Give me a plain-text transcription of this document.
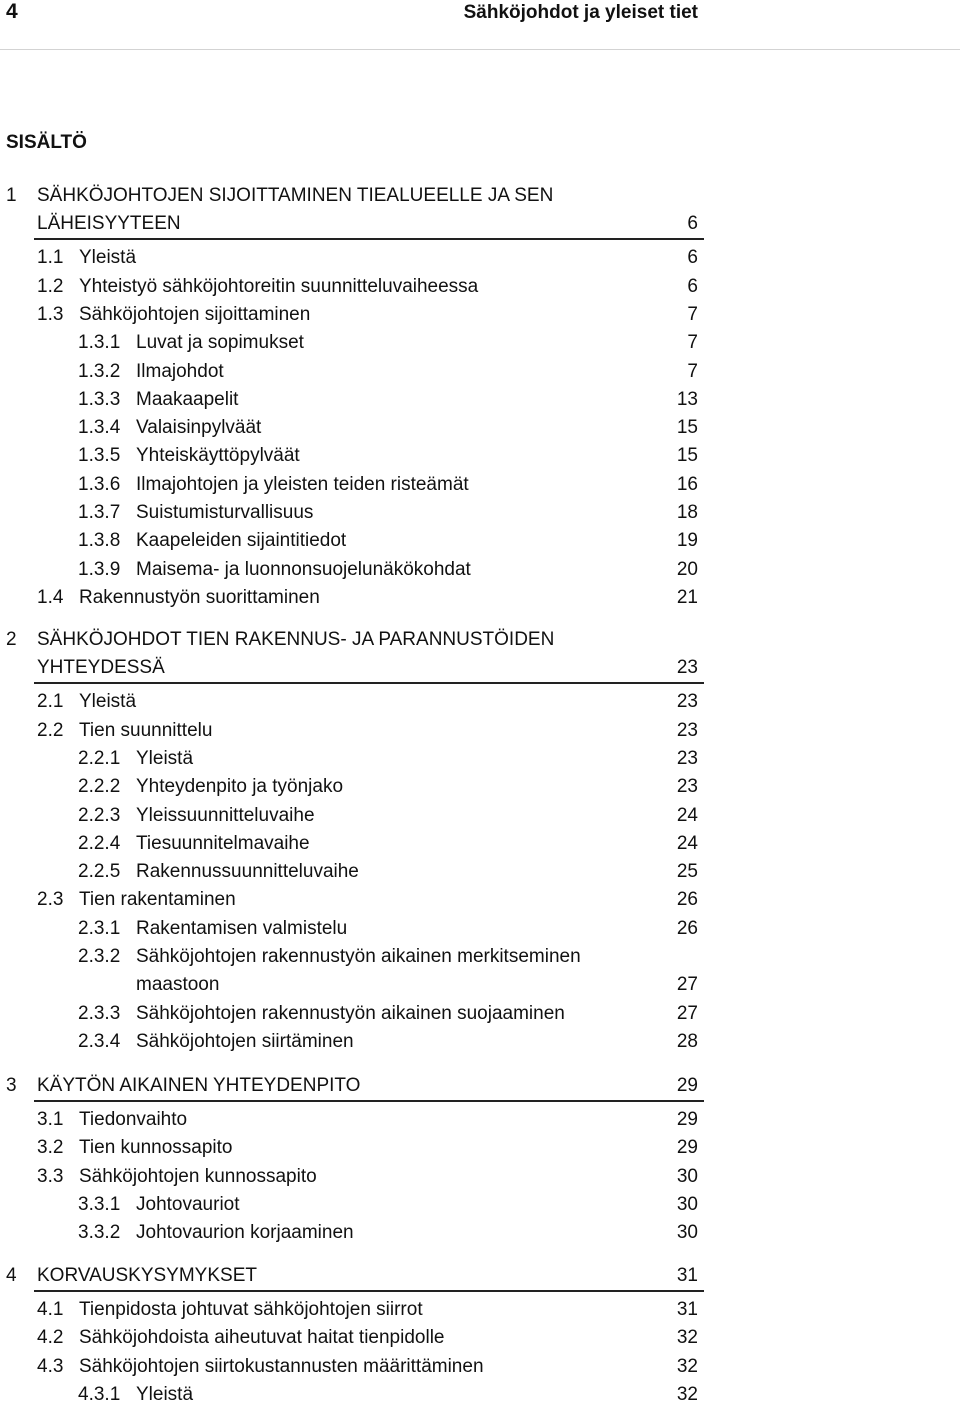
4	Sähköjohdot ja yleiset tiet
SISÄLTÖ
1 SÄHKÖJOHTOJEN SIJOITTAMINEN TIEALUEELLE JA SEN
LÄHEISYYTEEN	6
1.1 Yleistä	6
1.2 Yhteistyö sähköjohtoreitin suunnitteluvaiheessa	6
1.3 Sähköjohtojen sijoittaminen	7
1.3.1 Luvat ja sopimukset	7
1.3.2 Ilmajohdot	7
1.3.3 Maakaapelit	13
1.3.4 Valaisinpylväät	15
1.3.5 Yhteiskäyttöpylväät	15
1.3.6 Ilmajohtojen ja yleisten teiden risteämät	16
1.3.7 Suistumisturvallisuus	18
1.3.8 Kaapeleiden sijaintitiedot	19
1.3.9 Maisema- ja luonnonsuojelunäkökohdat	20
1.4 Rakennustyön suorittaminen	21
2 SÄHKÖJOHDOT TIEN RAKENNUS- JA PARANNUSTÖIDEN
YHTEYDESSÄ	23
2.1 Yleistä	23
2.2 Tien suunnittelu	23
2.2.1 Yleistä	23
2.2.2 Yhteydenpito ja työnjako	23
2.2.3 Yleissuunnitteluvaihe	24
2.2.4 Tiesuunnitelmavaihe	24
2.2.5 Rakennussuunnitteluvaihe	25
2.3 Tien rakentaminen	26
2.3.1 Rakentamisen valmistelu	26
2.3.2 Sähköjohtojen rakennustyön aikainen merkitseminen
maastoon	27
2.3.3 Sähköjohtojen rakennustyön aikainen suojaaminen	27
2.3.4 Sähköjohtojen siirtäminen	28
3 KÄYTÖN AIKAINEN YHTEYDENPITO	29
3.1 Tiedonvaihto	29
3.2 Tien kunnossapito	29
3.3 Sähköjohtojen kunnossapito	30
3.3.1 Johtovauriot	30
3.3.2 Johtovaurion korjaaminen	30
4 KORVAUSKYSYMYKSET	31
4.1 Tienpidosta johtuvat sähköjohtojen siirrot	31
4.2 Sähköjohdoista aiheutuvat haitat tienpidolle	32
4.3 Sähköjohtojen siirtokustannusten määrittäminen	32
4.3.1 Yleistä	32
